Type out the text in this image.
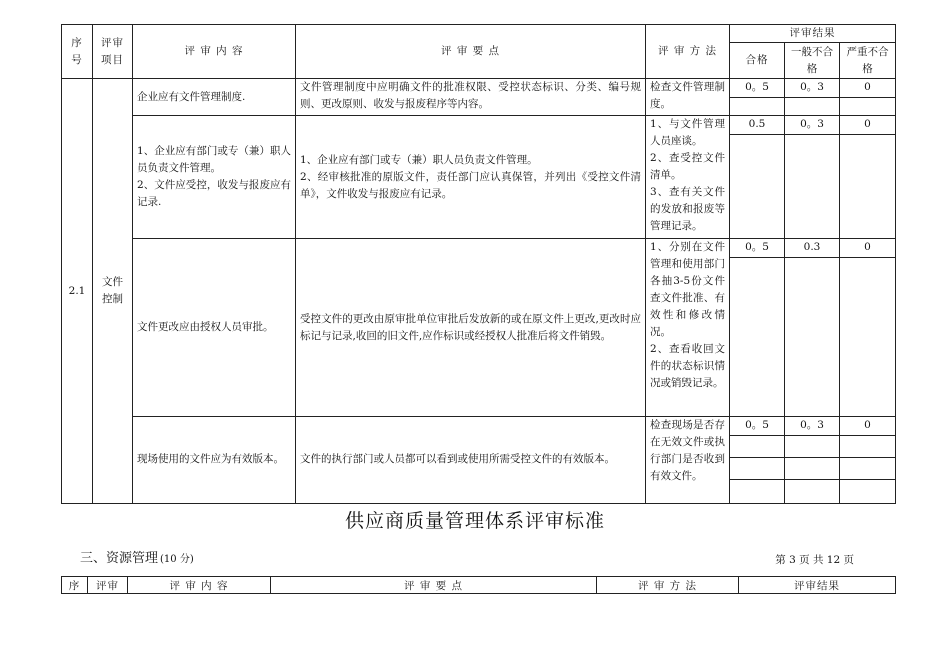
序号	评审项目	评 审 内 容	评 审 要 点	评 审 方 法	评审结果		
					合格	一般不合格	严重不合格
2.1	文件控制	企业应有文件管理制度.	文件管理制度中应明确文件的批准权限、受控状态标识、分类、编号规则、更改原则、收发与报废程序等内容。	检查文件管理制度。	0。5	0。3	0

		1、企业应有部门或专（兼）职人员负责文件管理。
2、文件应受控，收发与报废应有记录.	1、企业应有部门或专（兼）职人员负责文件管理。
2、经审核批准的原版文件，责任部门应认真保管，并列出《受控文件清单》，文件收发与报废应有记录。	1、与文件管理人员座谈。
2、查受控文件清单。
3、查有关文件的发放和报废等管理记录。	0.5	0。3	0

		文件更改应由授权人员审批。	受控文件的更改由原审批单位审批后发放新的或在原文件上更改,更改时应标记与记录,收回的旧文件,应作标识或经授权人批准后将文件销毁。	1、分别在文件管理和使用部门各抽3-5份文件查文件批准、有效性和修改情况。
2、查看收回文件的状态标识情况或销毁记录。	0。5	0.3	0

		现场使用的文件应为有效版本。	文件的执行部门或人员都可以看到或使用所需受控文件的有效版本。	检查现场是否存在无效文件或执行部门是否收到有效文件。	0。5	0。3	0

供应商质量管理体系评审标准
三、资源管理 (10 分)	第 3 页 共 12 页
序	评审	评 审 内 容	评 审 要 点	评 审 方 法	评审结果
